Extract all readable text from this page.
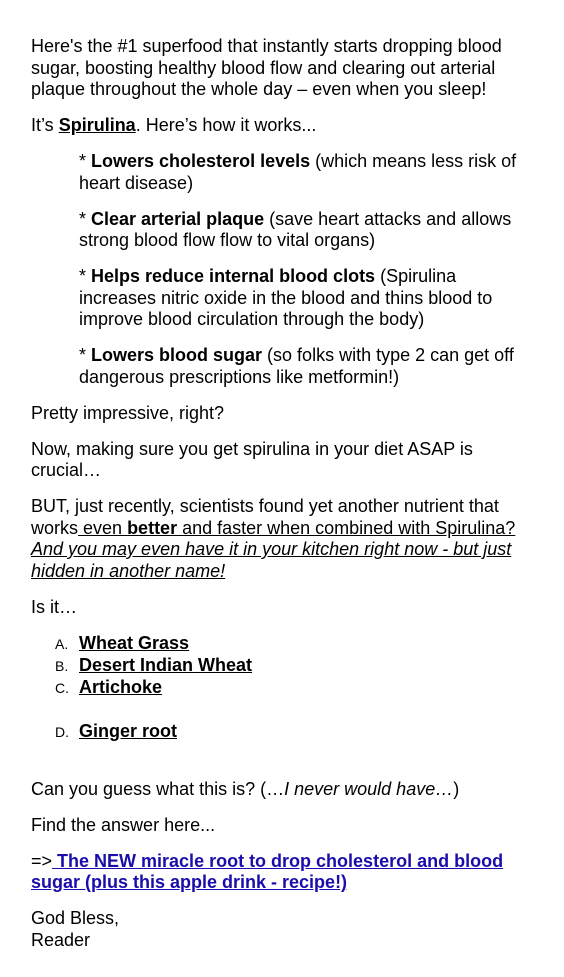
Here's the #1 superfood that instantly starts dropping blood sugar, boosting healthy blood flow and clearing out arterial plaque throughout the whole day – even when you sleep!

It’s Spirulina. Here’s how it works...

* Lowers cholesterol levels (which means less risk of heart disease)

* Clear arterial plaque (save heart attacks and allows strong blood flow flow to vital organs)

* Helps reduce internal blood clots (Spirulina increases nitric oxide in the blood and thins blood to improve blood circulation through the body)

* Lowers blood sugar (so folks with type 2 can get off dangerous prescriptions like metformin!)

Pretty impressive, right?

Now, making sure you get spirulina in your diet ASAP is crucial…

BUT, just recently, scientists found yet another nutrient that works even better and faster when combined with Spirulina? And you may even have it in your kitchen right now - but just hidden in another name!

Is it…

A. Wheat Grass
B. Desert Indian Wheat
C. Artichoke
D. Ginger root

Can you guess what this is? (…I never would have…)

Find the answer here...

=> The NEW miracle root to drop cholesterol and blood sugar (plus this apple drink - recipe!)

God Bless,

Reader
